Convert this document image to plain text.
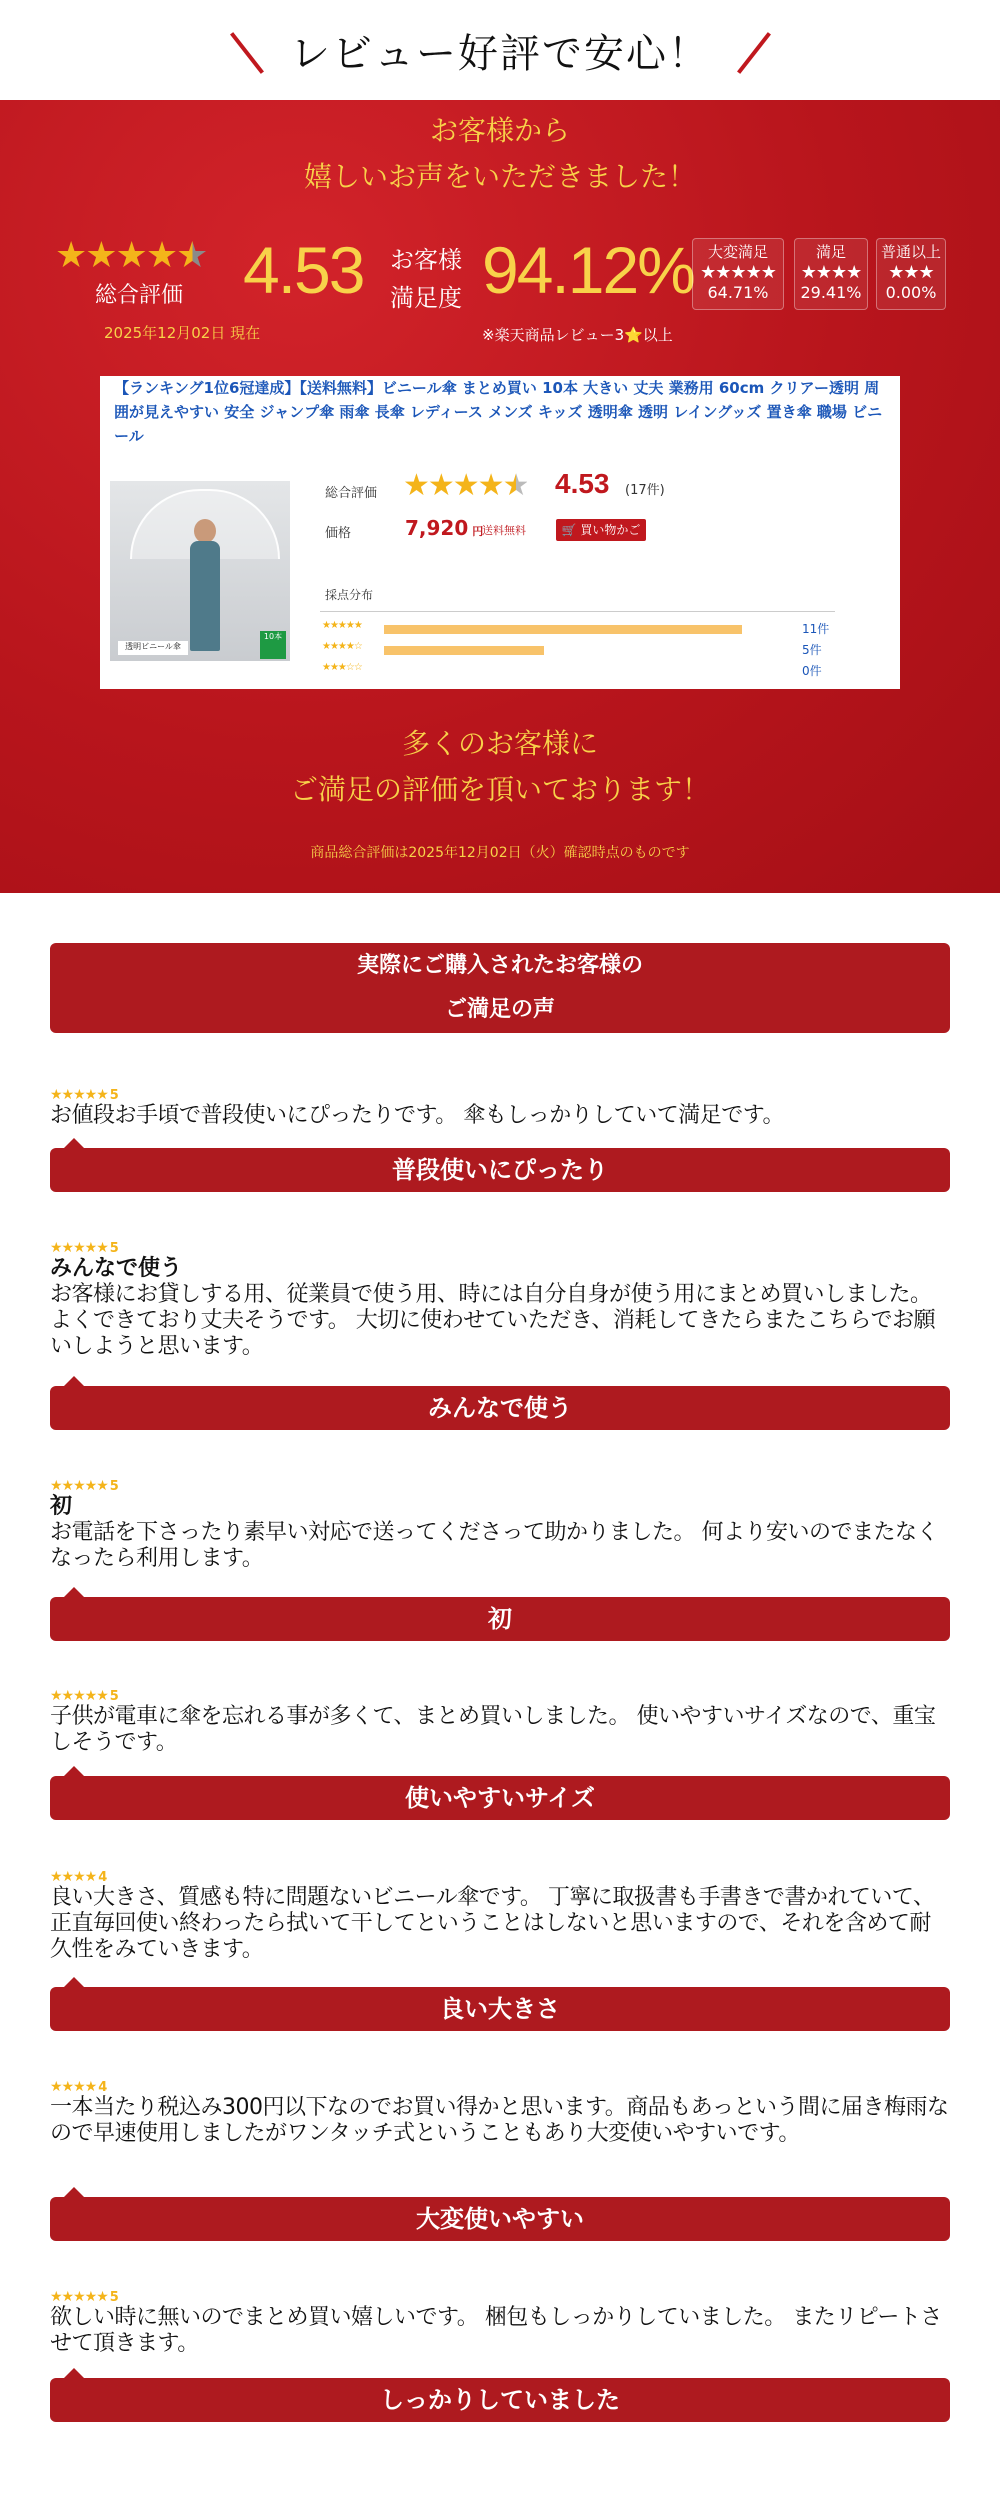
レビュー好評で安心！
お客様から
嬉しいお声をいただきました！
★★★★★
総合評価
2025年12月02日 現在
4.53 お客様
満足度 94.12%
※楽天商品レビュー3⭐以上
大変満足
★★★★★
64.71%
満足
★★★★
29.41%
普通以上
★★★
0.00%
【ランキング1位6冠達成】【送料無料】ビニール傘 まとめ買い 10本 大きい 丈夫 業務用 60cm クリアー透明 周囲が見えやすい 安全 ジャンプ傘 雨傘 長傘 レディース メンズ キッズ 透明傘 透明 レイングッズ 置き傘 職場 ビニール
透明ビニール傘
10本
総合評価 ★★★★★ 4.53 (17件)
価格	7,920 円
送料無料	🛒 買い物かご
採点分布
★★★★★	11件
★★★★☆	5件
★★★☆☆	0件
多くのお客様に
ご満足の評価を頂いております！
商品総合評価は2025年12月02日（火）確認時点のものです
実際にご購入されたお客様の
ご満足の声
★★★★★ 5
お値段お手頃で普段使いにぴったりです。 傘もしっかりしていて満足です。
普段使いにぴったり
★★★★★ 5
みんなで使う
お客様にお貸しする用、従業員で使う用、時には自分自身が使う用にまとめ買いしました。 よくできており丈夫そうです。 大切に使わせていただき、消耗してきたらまたこちらでお願いしようと思います。
みんなで使う
★★★★★ 5
初
お電話を下さったり素早い対応で送ってくださって助かりました。 何より安いのでまたなくなったら利用します。
初
★★★★★ 5
子供が電車に傘を忘れる事が多くて、まとめ買いしました。 使いやすいサイズなので、重宝しそうです。
使いやすいサイズ
★★★★ 4
良い大きさ、質感も特に問題ないビニール傘です。 丁寧に取扱書も手書きで書かれていて、正直毎回使い終わったら拭いて干してということはしないと思いますので、それを含めて耐久性をみていきます。
良い大きさ
★★★★ 4
一本当たり税込み300円以下なのでお買い得かと思います。商品もあっという間に届き梅雨なので早速使用しましたがワンタッチ式ということもあり大変使いやすいです。
大変使いやすい
★★★★★ 5
欲しい時に無いのでまとめ買い嬉しいです。 梱包もしっかりしていました。 またリピートさせて頂きます。
しっかりしていました
